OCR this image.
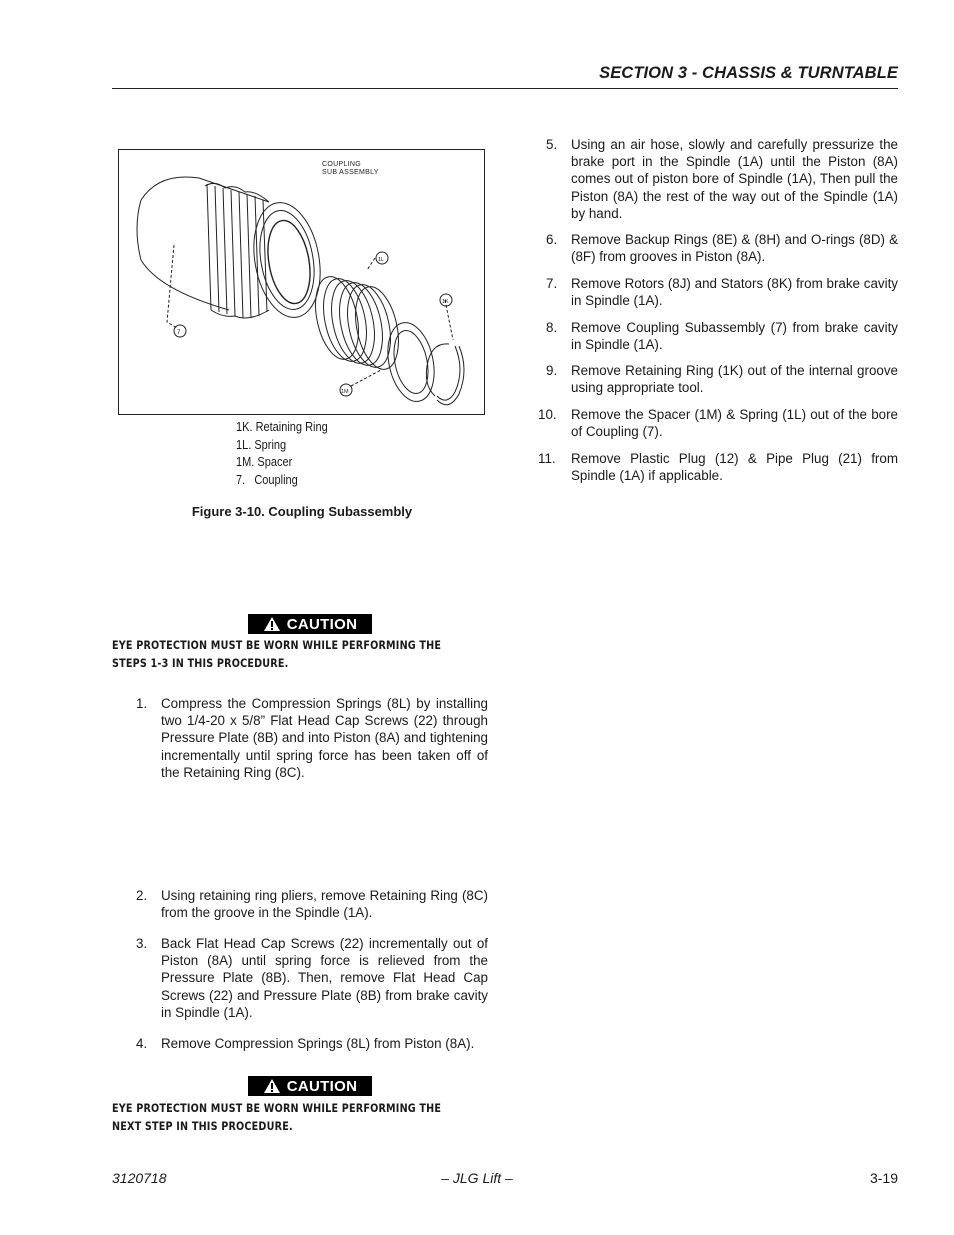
SECTION 3 - CHASSIS & TURNTABLE
COUPLING
SUB ASSEMBLY
7
1L
1K
1M
1K. Retaining Ring
1L. Spring
1M. Spacer
7.   Coupling
Figure 3-10. Coupling Subassembly
CAUTION
EYE PROTECTION MUST BE WORN WHILE PERFORMING THE STEPS 1-3 IN THIS PROCEDURE.
1. Compress the Compression Springs (8L) by installing two 1/4-20 x 5/8” Flat Head Cap Screws (22) through Pressure Plate (8B) and into Piston (8A) and tightening incrementally until spring force has been taken off of the Retaining Ring (8C).
2. Using retaining ring pliers, remove Retaining Ring (8C) from the groove in the Spindle (1A).
3. Back Flat Head Cap Screws (22) incrementally out of Piston (8A) until spring force is relieved from the Pressure Plate (8B). Then, remove Flat Head Cap Screws (22) and Pressure Plate (8B) from brake cavity in Spindle (1A).
4. Remove Compression Springs (8L) from Piston (8A).
CAUTION
EYE PROTECTION MUST BE WORN WHILE PERFORMING THE NEXT STEP IN THIS PROCEDURE.
5. Using an air hose, slowly and carefully pressurize the brake port in the Spindle (1A) until the Piston (8A) comes out of piston bore of Spindle (1A), Then pull the Piston (8A) the rest of the way out of the Spindle (1A) by hand.
6. Remove Backup Rings (8E) & (8H) and O-rings (8D) & (8F) from grooves in Piston (8A).
7. Remove Rotors (8J) and Stators (8K) from brake cavity in Spindle (1A).
8. Remove Coupling Subassembly (7) from brake cavity in Spindle (1A).
9. Remove Retaining Ring (1K) out of the internal groove using appropriate tool.
10. Remove the Spacer (1M) & Spring (1L) out of the bore of Coupling (7).
11. Remove Plastic Plug (12) & Pipe Plug (21) from Spindle (1A) if applicable.
3120718	– JLG Lift –	3-19
